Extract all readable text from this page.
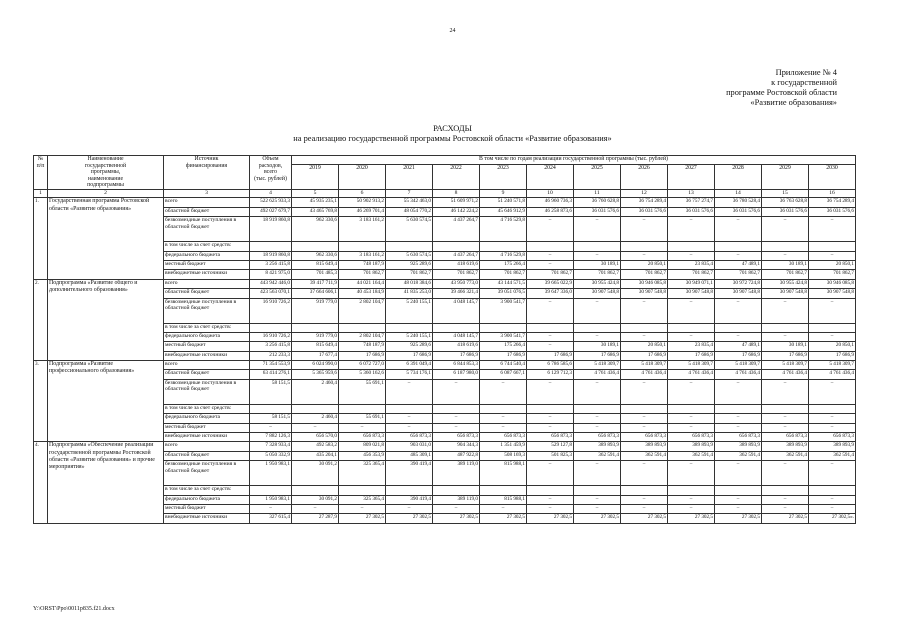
24
Приложение № 4
к государственной
программе Ростовской области
«Развитие образования»
РАСХОДЫ
на реализацию государственной программы Ростовской области «Развитие образования»
№
п/п	Наименование
государственной
программы,
наименование
подпрограммы	Источник
финансирования	Объем
расходов,
всего
(тыс. рублей)	В том числе по годам реализации государственной программы (тыс. рублей)											
				2019	2020	2021	2022	2023	2024	2025	2026	2027	2028	2029	2030
1	2	3	4	5	6	7	8	9	10	11	12	13	14	15	16
1.	Государственная программа Ростовской области «Развитие образования»	всего	522 625 933,3	45 935 235,1	50 902 913,2	55 342 463,0	51 609 971,2	51 240 571,8	46 960 736,3	36 760 628,8	36 754 289,4	36 757 274,7	36 780 528,4	36 763 628,8	36 754 289,4
		областной бюджет	492 027 679,7	43 465 769,8	46 269 701,4	48 054 770,2	46 142 224,2	45 646 912,9	46 258 873,6	36 031 576,6	36 031 576,6	36 031 576,6	36 031 576,6	36 031 576,6	36 031 576,6
		безвозмездные поступления в областной бюджет	18 919 860,8	962 330,6	3 183 161,2	5 630 574,5	4 437 264,7	4 716 529,8	–	–	–	–	–	–	–
		в том числе за счет средств:													
		федерального бюджета	18 919 860,8	962 330,6	3 183 161,2	5 630 574,5	4 437 264,7	4 716 529,8	–	–	–	–	–	–	–
		местный бюджет	3 256 415,8	815 649,4	748 187,9	925 289,6	418 619,6	175 266,4	–	30 189,1	20 850,1	23 835,4	47 489,1	30 189,1	20 850,1
		внебюджетные источники	8 421 975,0	701 485,3	701 862,7	701 862,7	701 862,7	701 862,7	701 862,7	701 862,7	701 862,7	701 862,7	701 862,7	701 862,7	701 862,7
2.	Подпрограмма «Развитие общего и дополнительного образования»	всего	443 942 446,0	39 417 711,9	44 021 164,4	48 018 384,6	43 950 773,0	43 144 571,5	39 665 022,9	30 955 424,8	30 946 085,8	30 949 071,1	30 972 724,8	30 955 424,8	30 946 085,8
		областной бюджет	423 563 070,1	37 664 606,1	40 453 184,9	41 835 253,0	39 466 321,4	39 051 076,5	39 647 336,0	30 907 548,8	30 907 548,8	30 907 548,8	30 907 548,8	30 907 548,8	30 907 548,8
		безвозмездные поступления в областной бюджет	16 910 726,2	919 779,0	2 802 104,7	5 240 155,1	4 048 145,7	3 900 541,7	–	–	–	–	–	–	–
		в том числе за счет средств:													
		федерального бюджета	16 910 726,2	919 779,0	2 802 104,7	5 240 155,1	4 048 145,7	3 900 541,7	–	–	–	–	–	–	–
		местный бюджет	3 256 415,8	815 649,4	748 187,9	925 289,6	418 619,6	175 266,4	–	30 189,1	20 850,1	23 835,4	47 489,1	30 189,1	20 850,1
		внебюджетные источники	212 233,3	17 677,4	17 686,9	17 686,9	17 686,9	17 686,9	17 686,9	17 686,9	17 686,9	17 686,9	17 686,9	17 686,9	17 686,9
3.	Подпрограмма «Развитие профессионального образования»	всего	71 354 553,9	6 024 990,0	6 072 727,0	6 391 049,4	6 844 853,3	6 744 540,4	6 786 585,6	5 418 309,7	5 418 309,7	5 418 309,7	5 418 309,7	5 418 309,7	5 418 309,7
		областной бюджет	63 414 276,1	5 365 959,6	5 360 162,6	5 734 176,1	6 187 980,0	6 087 667,1	6 129 712,3	4 761 436,4	4 761 436,4	4 761 436,4	4 761 436,4	4 761 436,4	4 761 436,4
		безвозмездные поступления в областной бюджет	58 151,5	2 460,4	55 691,1	–	–	–	–	–	–	–	–	–	–
		в том числе за счет средств:													
		федерального бюджета	58 151,5	2 460,4	55 691,1	–	–	–	–	–	–	–	–	–	–
		местный бюджет	–	–	–	–	–	–	–	–	–	–	–	–	–
		внебюджетные источники	7 882 126,3	656 570,0	656 873,3	656 873,3	656 873,3	656 873,3	656 873,3	656 873,3	656 873,3	656 873,3	656 873,3	656 873,3	656 873,3
4.	Подпрограмма «Обеспечение реализации государственной программы Ростовской области «Развитие образования» и прочие мероприятия»	всего	7 328 933,4	492 583,2	809 021,8	903 031,0	904 344,3	1 351 459,9	529 127,8	389 893,9	389 893,9	389 893,9	389 893,9	389 893,9	389 893,9
		областной бюджет	5 050 332,9	435 204,1	456 353,9	485 309,1	487 922,8	508 169,3	501 825,3	362 591,4	362 591,4	362 591,4	362 591,4	362 591,4	362 591,4
		безвозмездные поступления в областной бюджет	1 950 983,1	30 091,2	325 365,4	390 419,4	389 119,0	815 988,1	–	–	–	–	–	–	–
		в том числе за счет средств:													
		федерального бюджета	1 950 983,1	30 091,2	325 365,4	390 419,4	389 119,0	815 988,1	–	–	–	–	–	–	–
		местный бюджет	–	–	–	–	–	–	–	–	–	–	–	–	–
		внебюджетные источники	327 615,4	27 287,9	27 302,5	27 302,5	27 302,5	27 302,5	27 302,5	27 302,5	27 302,5	27 302,5	27 302,5	27 302,5	27 302,5».
Y:\ORST\Ppo\0011p835.f21.docx
